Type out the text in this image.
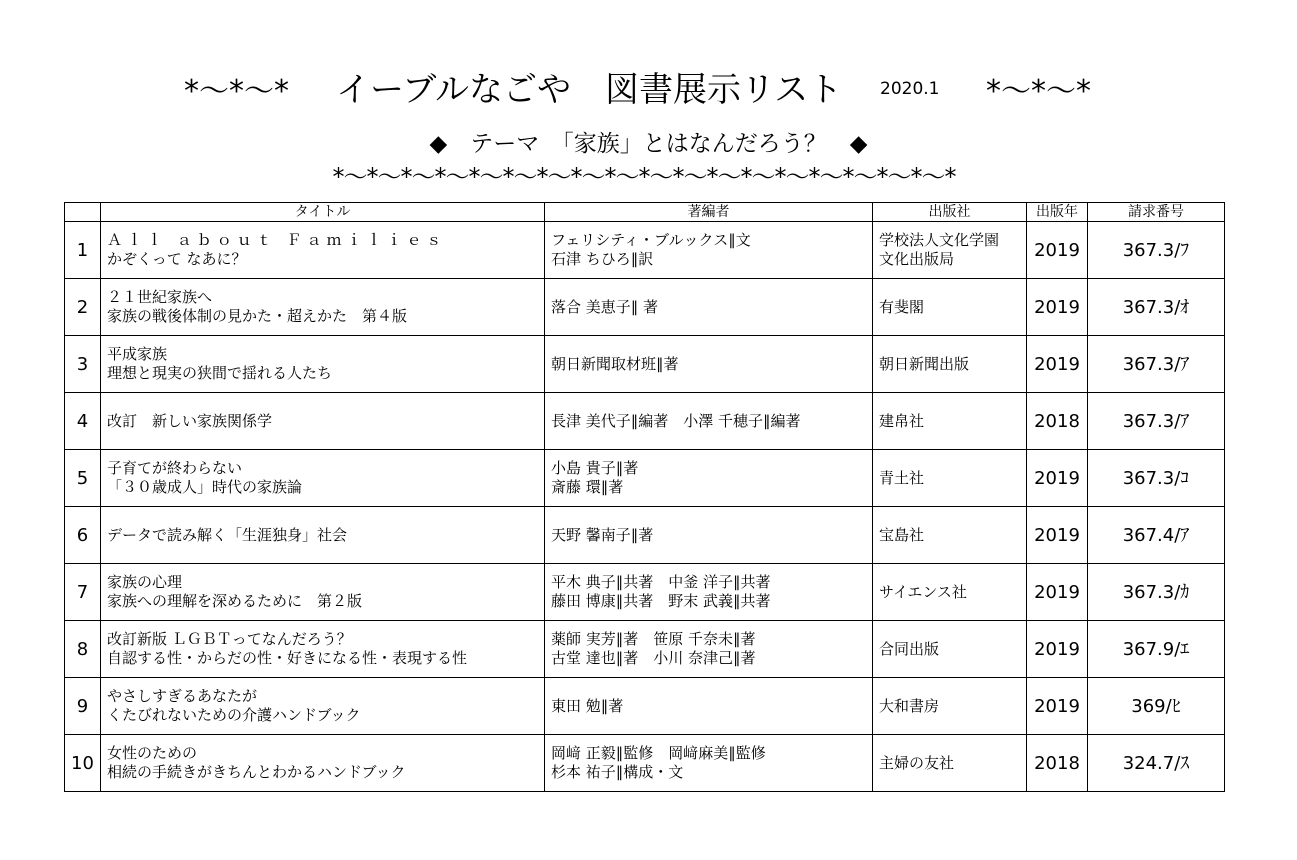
*〜*〜* イーブルなごや　図書展示リスト 2020.1 *〜*〜*
◆　テーマ　「家族」とはなんだろう？　◆
*〜*〜*〜*〜*〜*〜*〜*〜*〜*〜*〜*〜*〜*〜*〜*〜*〜*〜*
	タイトル	著編者	出版社	出版年	請求番号
1	Ａｌｌ ａｂｏｕｔ Ｆａｍｉｌｉｅｓ
かぞくって なあに？	フェリシティ・ブルックス∥文
石津 ちひろ∥訳	学校法人文化学園
文化出版局	2019	367.3/ﾌ
2	２１世紀家族へ
家族の戦後体制の見かた・超えかた　第４版	落合 美恵子∥ 著	有斐閣	2019	367.3/ｵ
3	平成家族
理想と現実の狭間で揺れる人たち	朝日新聞取材班∥著	朝日新聞出版	2019	367.3/ｱ
4	改訂　新しい家族関係学	長津 美代子∥編著　小澤 千穂子∥編著	建帛社	2018	367.3/ｱ
5	子育てが終わらない
「３０歳成人」時代の家族論	小島 貴子∥著
斎藤 環∥著	青土社	2019	367.3/ｺ
6	データで読み解く「生涯独身」社会	天野 馨南子∥著	宝島社	2019	367.4/ｱ
7	家族の心理
家族への理解を深めるために　第２版	平木 典子∥共著　中釜 洋子∥共著
藤田 博康∥共著　野末 武義∥共著	サイエンス社	2019	367.3/ｶ
8	改訂新版 ＬＧＢＴってなんだろう？
自認する性・からだの性・好きになる性・表現する性	薬師 実芳∥著　笹原 千奈未∥著
古堂 達也∥著　小川 奈津己∥著	合同出版	2019	367.9/ｴ
9	やさしすぎるあなたが
くたびれないための介護ハンドブック	東田 勉∥著	大和書房	2019	369/ﾋ
10	女性のための
相続の手続きがきちんとわかるハンドブック	岡﨑 正毅∥監修　岡﨑麻美∥監修
杉本 祐子∥構成・文	主婦の友社	2018	324.7/ｽ
